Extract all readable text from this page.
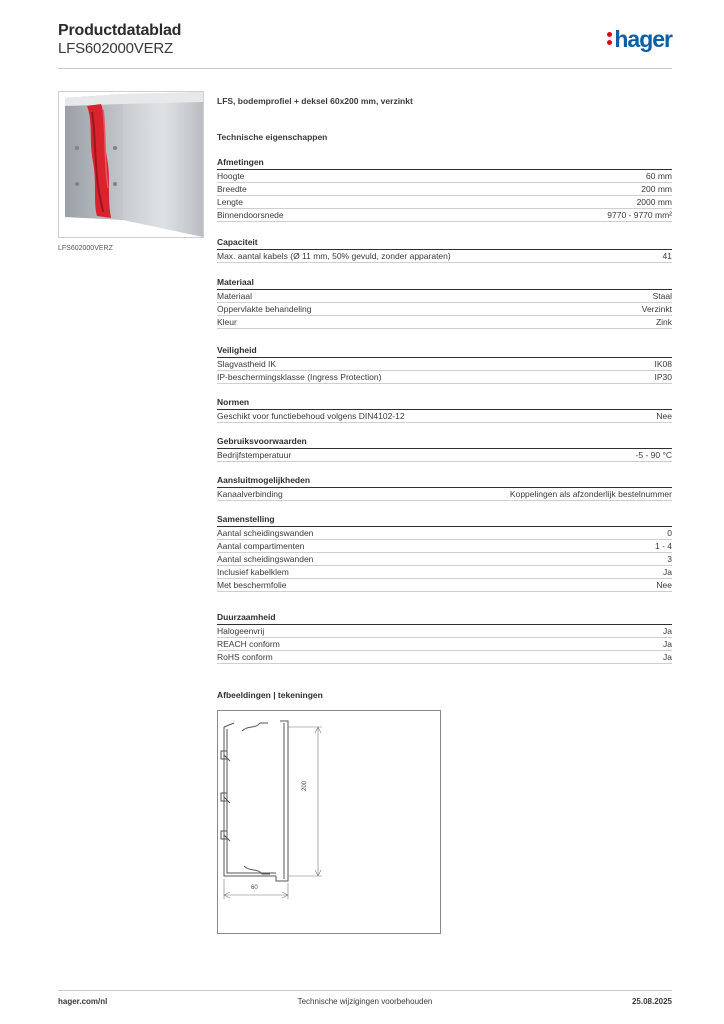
Productdatablad
LFS602000VERZ	hager
LFS602000VERZ
LFS, bodemprofiel + deksel 60x200 mm, verzinkt
Technische eigenschappen
Afmetingen
Hoogte	60 mm
Breedte	200 mm
Lengte	2000 mm
Binnendoorsnede	9770 - 9770 mm²
Capaciteit
Max. aantal kabels (Ø 11 mm, 50% gevuld, zonder apparaten)	41
Materiaal
Materiaal	Staal
Oppervlakte behandeling	Verzinkt
Kleur	Zink
Veiligheid
Slagvastheid IK	IK08
IP-beschermingsklasse (Ingress Protection)	IP30
Normen
Geschikt voor functiebehoud volgens DIN4102-12	Nee
Gebruiksvoorwaarden
Bedrijfstemperatuur	-5 - 90 °C
Aansluitmogelijkheden
Kanaalverbinding	Koppelingen als afzonderlijk bestelnummer
Samenstelling
Aantal scheidingswanden	0
Aantal compartimenten	1 - 4
Aantal scheidingswanden	3
Inclusief kabelklem	Ja
Met beschermfolie	Nee
Duurzaamheid
Halogeenvrij	Ja
REACH conform	Ja
RoHS conform	Ja
Afbeeldingen | tekeningen
200
60
hager.com/nl	Technische wijzigingen voorbehouden	25.08.2025
